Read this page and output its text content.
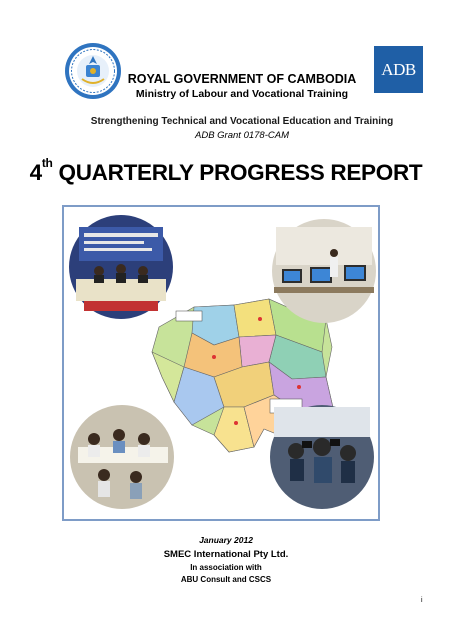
ADB
ROYAL GOVERNMENT OF CAMBODIA
Ministry of Labour and Vocational Training
Strengthening Technical and Vocational Education and Training
ADB Grant 0178-CAM
4th QUARTERLY PROGRESS REPORT
January 2012
SMEC International Pty Ltd.
In association with
ABU Consult and CSCS
i
